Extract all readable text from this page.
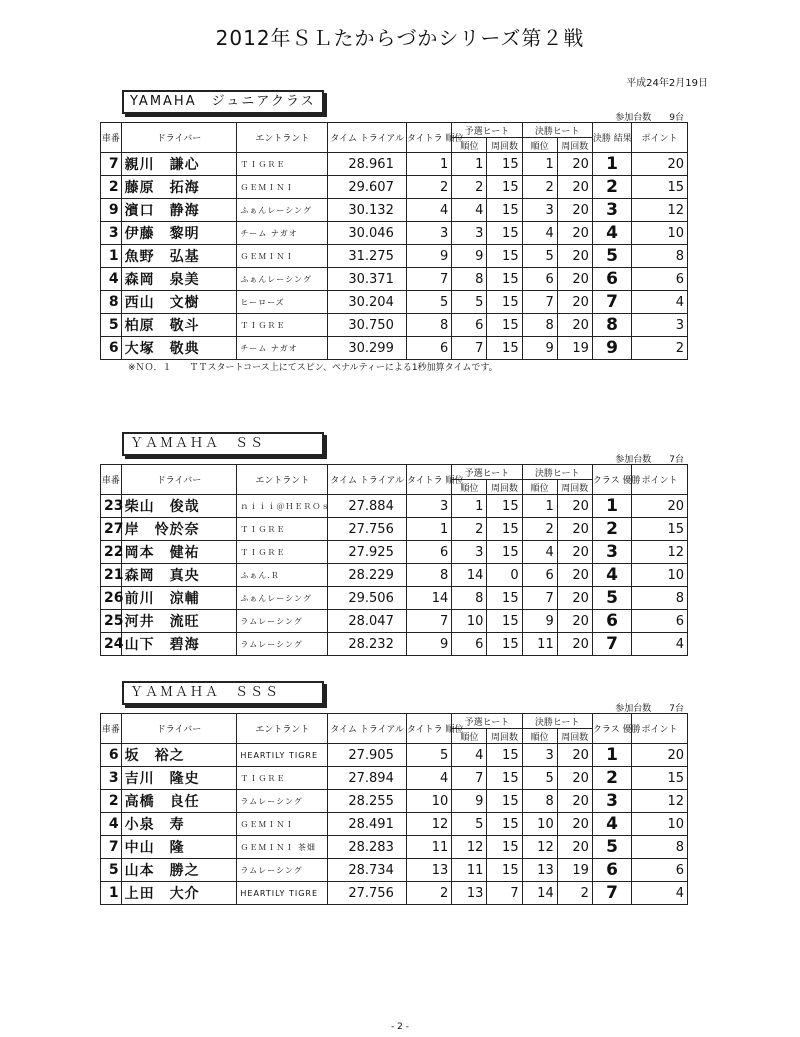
2012年ＳＬたからづかシリーズ第２戦
平成24年2月19日
YAMAHA　ジュニアクラス
参加台数　　9台
車番	ドライバー	エントラント	タイム トライアル	タイトラ 順位	予選ヒート		決勝ヒート		決勝 結果	ポイント
					順位	周回数	順位	周回数		
7	親川　謙心	ＴＩＧＲＥ	28.961	1	1	15	1	20	1	20
2	藤原　拓海	ＧＥＭＩＮＩ	29.607	2	2	15	2	20	2	15
9	濱口　静海	ふぁんレーシング	30.132	4	4	15	3	20	3	12
3	伊藤　黎明	チーム ナガオ	30.046	3	3	15	4	20	4	10
1	魚野　弘基	ＧＥＭＩＮＩ	31.275	9	9	15	5	20	5	8
4	森岡　泉美	ふぁんレーシング	30.371	7	8	15	6	20	6	6
8	西山　文樹	ヒーローズ	30.204	5	5	15	7	20	7	4
5	柏原　敬斗	ＴＩＧＲＥ	30.750	8	6	15	8	20	8	3
6	大塚　敬典	チーム ナガオ	30.299	6	7	15	9	19	9	2
※ＮＯ．１　　ＴＴスタートコース上にてスピン、ペナルティーによる1秒加算タイムです。
ＹＡＭＡＨＡ　ＳＳ
参加台数　　7台
車番	ドライバー	エントラント	タイム トライアル	タイトラ 順位	予選ヒート		決勝ヒート		クラス 優勝	ポイント
					順位	周回数	順位	周回数		
23	柴山　俊哉	ｎｉｉｉ＠ＨＥＲＯｓ	27.884	3	1	15	1	20	1	20
27	岸　怜於奈	ＴＩＧＲＥ	27.756	1	2	15	2	20	2	15
22	岡本　健祐	ＴＩＧＲＥ	27.925	6	3	15	4	20	3	12
21	森岡　真央	ふぁん.Ｒ	28.229	8	14	0	6	20	4	10
26	前川　涼輔	ふぁんレーシング	29.506	14	8	15	7	20	5	8
25	河井　流旺	ラムレーシング	28.047	7	10	15	9	20	6	6
24	山下　碧海	ラムレーシング	28.232	9	6	15	11	20	7	4
ＹＡＭＡＨＡ　ＳＳＳ
参加台数　　7台
車番	ドライバー	エントラント	タイム トライアル	タイトラ 順位	予選ヒート		決勝ヒート		クラス 優勝	ポイント
					順位	周回数	順位	周回数		
6	坂　裕之	HEARTILY TIGRE	27.905	5	4	15	3	20	1	20
3	吉川　隆史	ＴＩＧＲＥ	27.894	4	7	15	5	20	2	15
2	高橋　良任	ラムレーシング	28.255	10	9	15	8	20	3	12
4	小泉　寿	ＧＥＭＩＮＩ	28.491	12	5	15	10	20	4	10
7	中山　隆	ＧＥＭＩＮＩ 茶畑	28.283	11	12	15	12	20	5	8
5	山本　勝之	ラムレーシング	28.734	13	11	15	13	19	6	6
1	上田　大介	HEARTILY TIGRE	27.756	2	13	7	14	2	7	4
- 2 -
